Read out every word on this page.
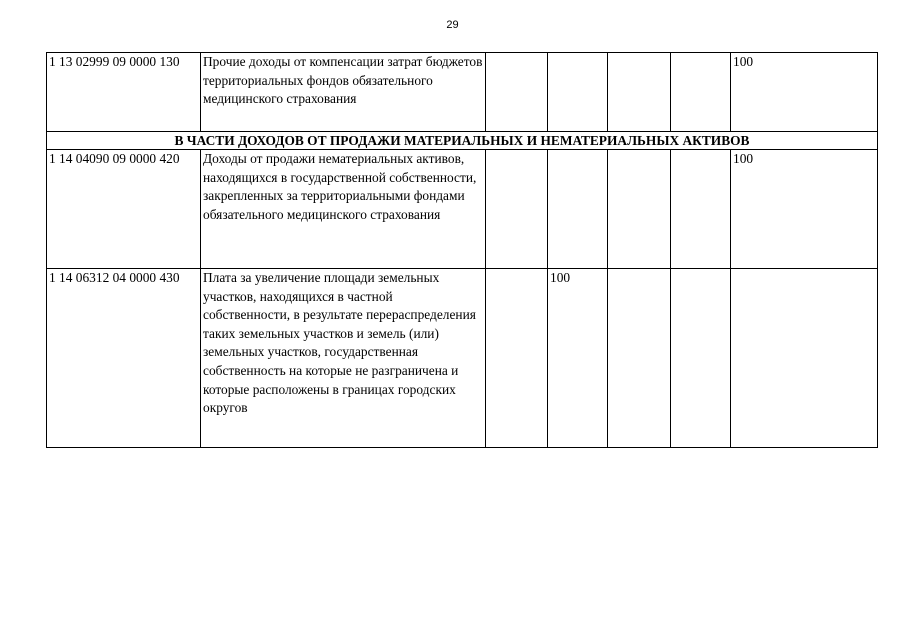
29
1 13 02999 09 0000 130	Прочие доходы от компенсации затрат бюджетов территориальных фондов обязательного медицинского страхования					100
В ЧАСТИ ДОХОДОВ ОТ ПРОДАЖИ МАТЕРИАЛЬНЫХ И НЕМАТЕРИАЛЬНЫХ АКТИВОВ						
1 14 04090 09 0000 420	Доходы от продажи нематериальных активов, находящихся в государственной собственности, закрепленных за территориальными фондами обязательного медицинского страхования					100
1 14 06312 04 0000 430	Плата за увеличение площади земельных участков, находящихся в частной собственности, в результате перераспределения таких земельных участков и земель (или) земельных участков, государственная собственность на которые не разграничена и которые расположены в границах городских округов		100			
